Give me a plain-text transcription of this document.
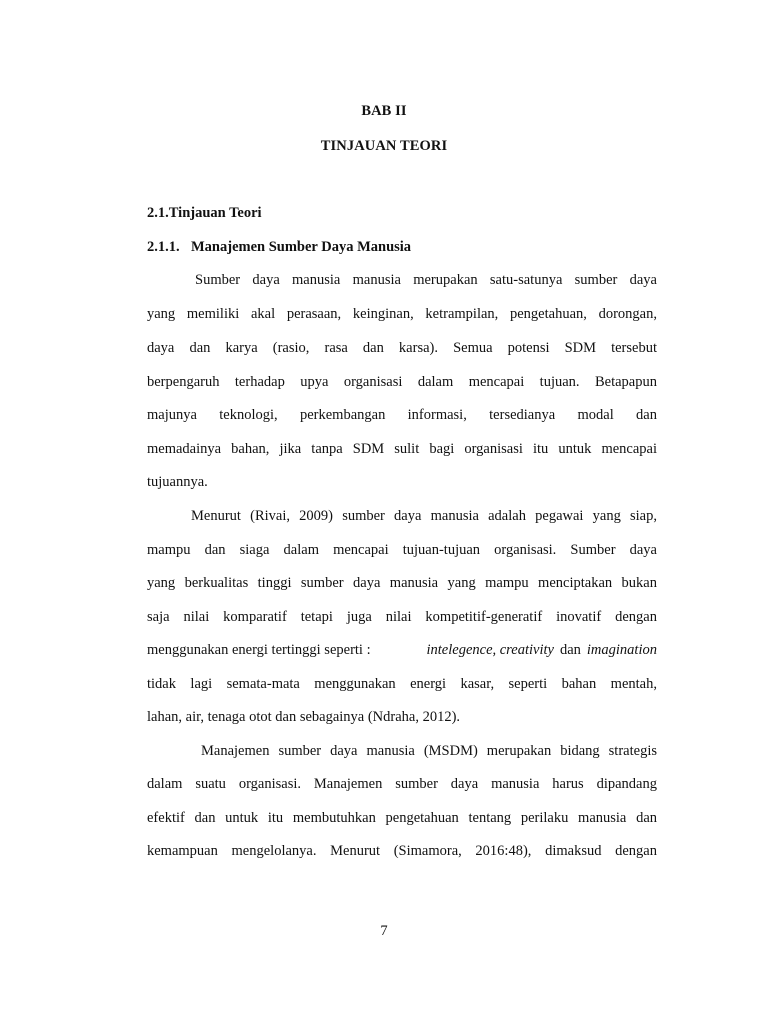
BAB II
TINJAUAN TEORI
2.1.Tinjauan Teori
2.1.1. Manajemen Sumber Daya Manusia
Sumber daya manusia manusia merupakan satu-satunya sumber daya
yang memiliki akal perasaan, keinginan, ketrampilan, pengetahuan, dorongan,
daya dan karya (rasio, rasa dan karsa). Semua potensi SDM tersebut
berpengaruh terhadap upya organisasi dalam mencapai tujuan. Betapapun
majunya teknologi, perkembangan informasi, tersedianya modal dan
memadainya bahan, jika tanpa SDM sulit bagi organisasi itu untuk mencapai
tujuannya.
Menurut (Rivai, 2009) sumber daya manusia adalah pegawai yang siap,
mampu dan siaga dalam mencapai tujuan-tujuan organisasi. Sumber daya
yang berkualitas tinggi sumber daya manusia yang mampu menciptakan bukan
saja nilai komparatif tetapi juga nilai kompetitif-generatif inovatif dengan
menggunakan energi tertinggi seperti :	intelegence, creativity dan imagination
tidak lagi semata-mata menggunakan energi kasar, seperti bahan mentah,
lahan, air, tenaga otot dan sebagainya (Ndraha, 2012).
Manajemen sumber daya manusia (MSDM) merupakan bidang strategis
dalam suatu organisasi. Manajemen sumber daya manusia harus dipandang
efektif dan untuk itu membutuhkan pengetahuan tentang perilaku manusia dan
kemampuan mengelolanya. Menurut (Simamora, 2016:48), dimaksud dengan
7
